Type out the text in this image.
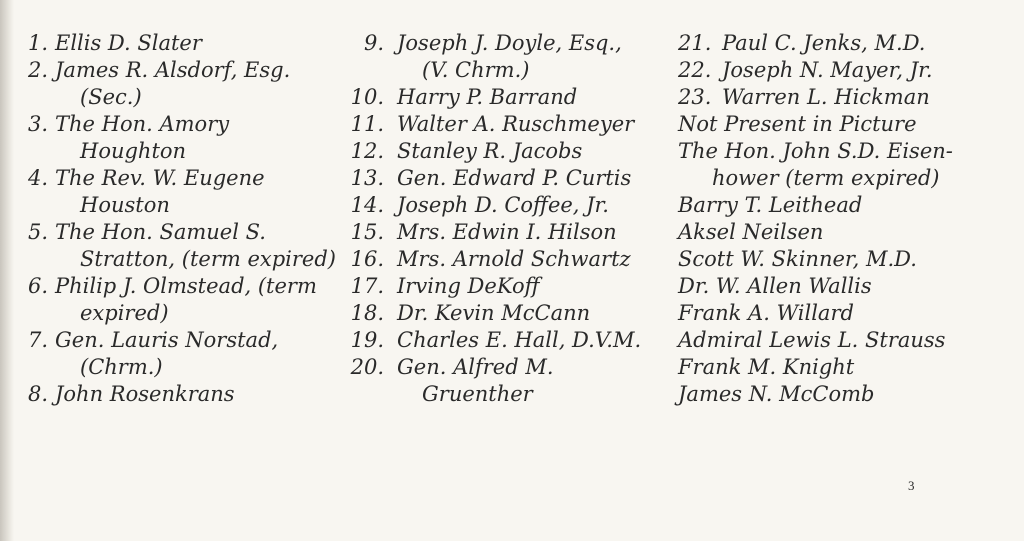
1. Ellis D. Slater
2. James R. Alsdorf, Esg.
(Sec.)
3. The Hon. Amory
Houghton
4. The Rev. W. Eugene
Houston
5. The Hon. Samuel S.
Stratton, (term expired)
6. Philip J. Olmstead, (term
expired)
7. Gen. Lauris Norstad,
(Chrm.)
8. John Rosenkrans
9. Joseph J. Doyle, Esq.,
(V. Chrm.)
10. Harry P. Barrand
11. Walter A. Ruschmeyer
12. Stanley R. Jacobs
13. Gen. Edward P. Curtis
14. Joseph D. Coffee, Jr.
15. Mrs. Edwin I. Hilson
16. Mrs. Arnold Schwartz
17. Irving DeKoff
18. Dr. Kevin McCann
19. Charles E. Hall, D.V.M.
20. Gen. Alfred M.
Gruenther
21. Paul C. Jenks, M.D.
22. Joseph N. Mayer, Jr.
23. Warren L. Hickman
Not Present in Picture
The Hon. John S.D. Eisen-
hower (term expired)
Barry T. Leithead
Aksel Neilsen
Scott W. Skinner, M.D.
Dr. W. Allen Wallis
Frank A. Willard
Admiral Lewis L. Strauss
Frank M. Knight
James N. McComb
3
